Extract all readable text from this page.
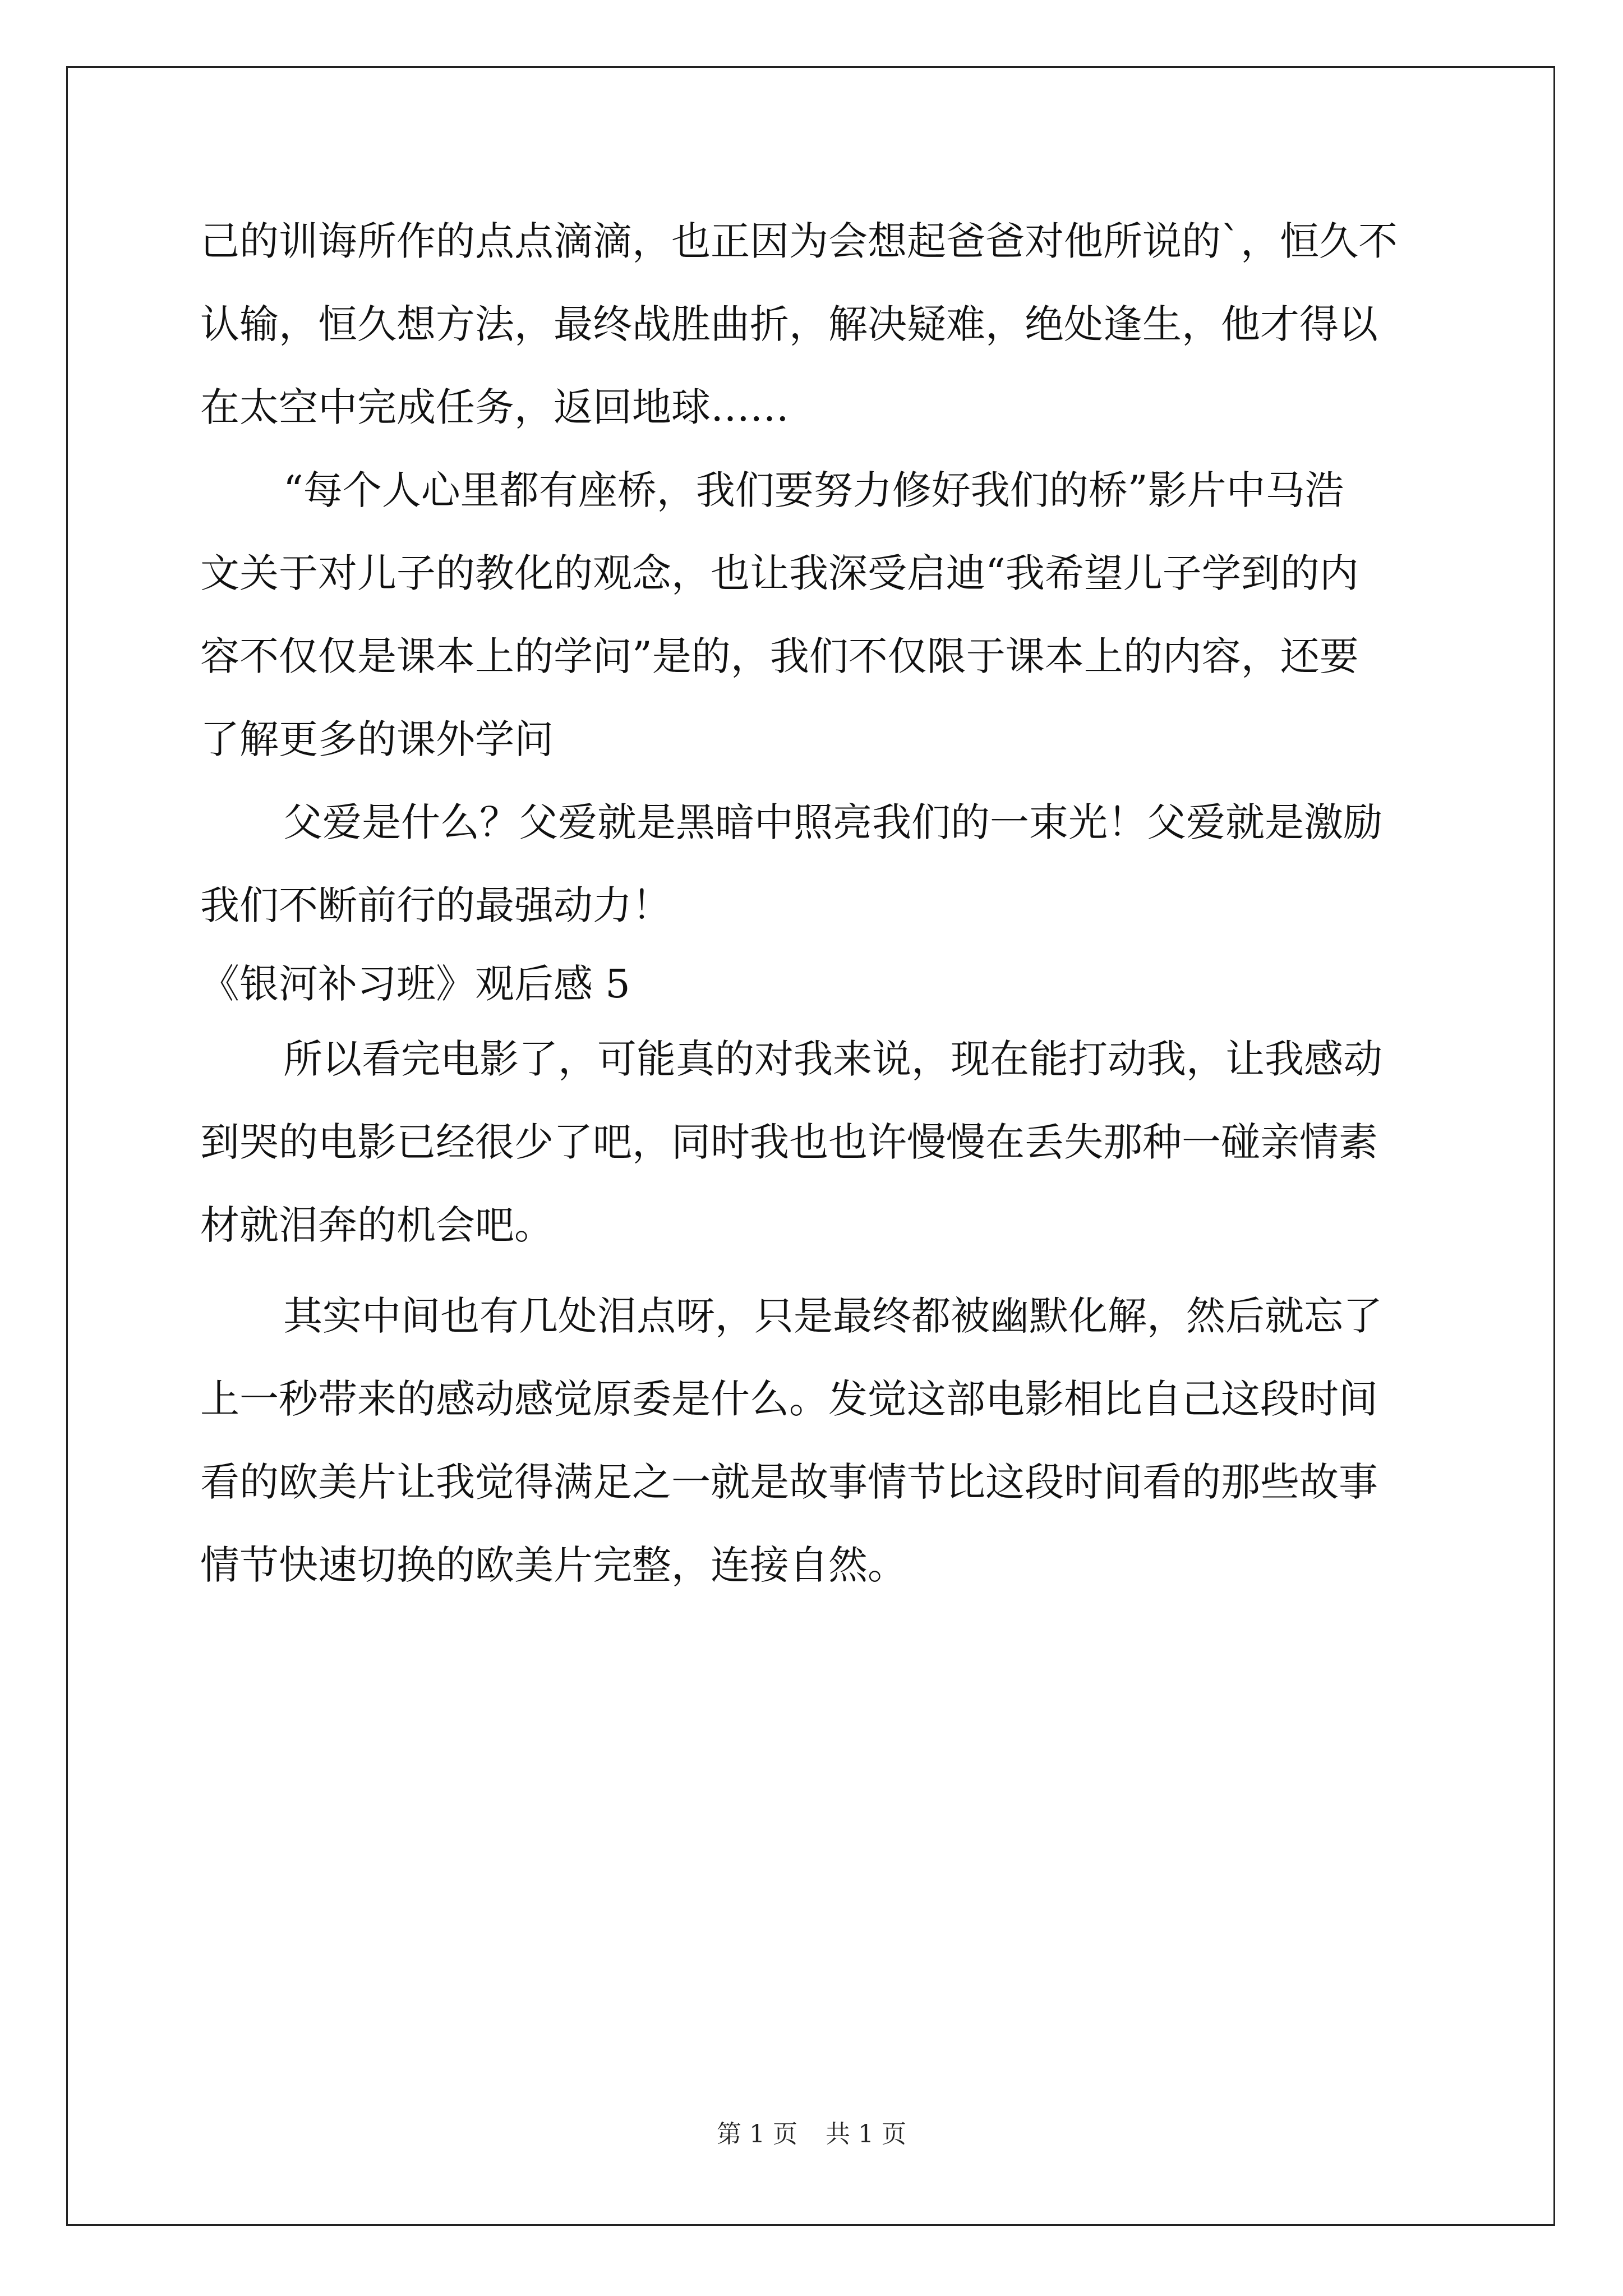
己的训诲所作的点点滴滴，也正因为会想起爸爸对他所说的`，恒久不

认输，恒久想方法，最终战胜曲折，解决疑难，绝处逢生，他才得以

在太空中完成任务，返回地球……

“每个人心里都有座桥，我们要努力修好我们的桥”影片中马浩

文关于对儿子的教化的观念，也让我深受启迪“我希望儿子学到的内

容不仅仅是课本上的学问”是的，我们不仅限于课本上的内容，还要

了解更多的课外学问

父爱是什么？父爱就是黑暗中照亮我们的一束光！父爱就是激励

我们不断前行的最强动力！

《银河补习班》观后感 5

所以看完电影了，可能真的对我来说，现在能打动我，让我感动

到哭的电影已经很少了吧，同时我也也许慢慢在丢失那种一碰亲情素

材就泪奔的机会吧。

其实中间也有几处泪点呀，只是最终都被幽默化解，然后就忘了

上一秒带来的感动感觉原委是什么。发觉这部电影相比自己这段时间

看的欧美片让我觉得满足之一就是故事情节比这段时间看的那些故事

情节快速切换的欧美片完整，连接自然。

第 1 页 共 1 页
